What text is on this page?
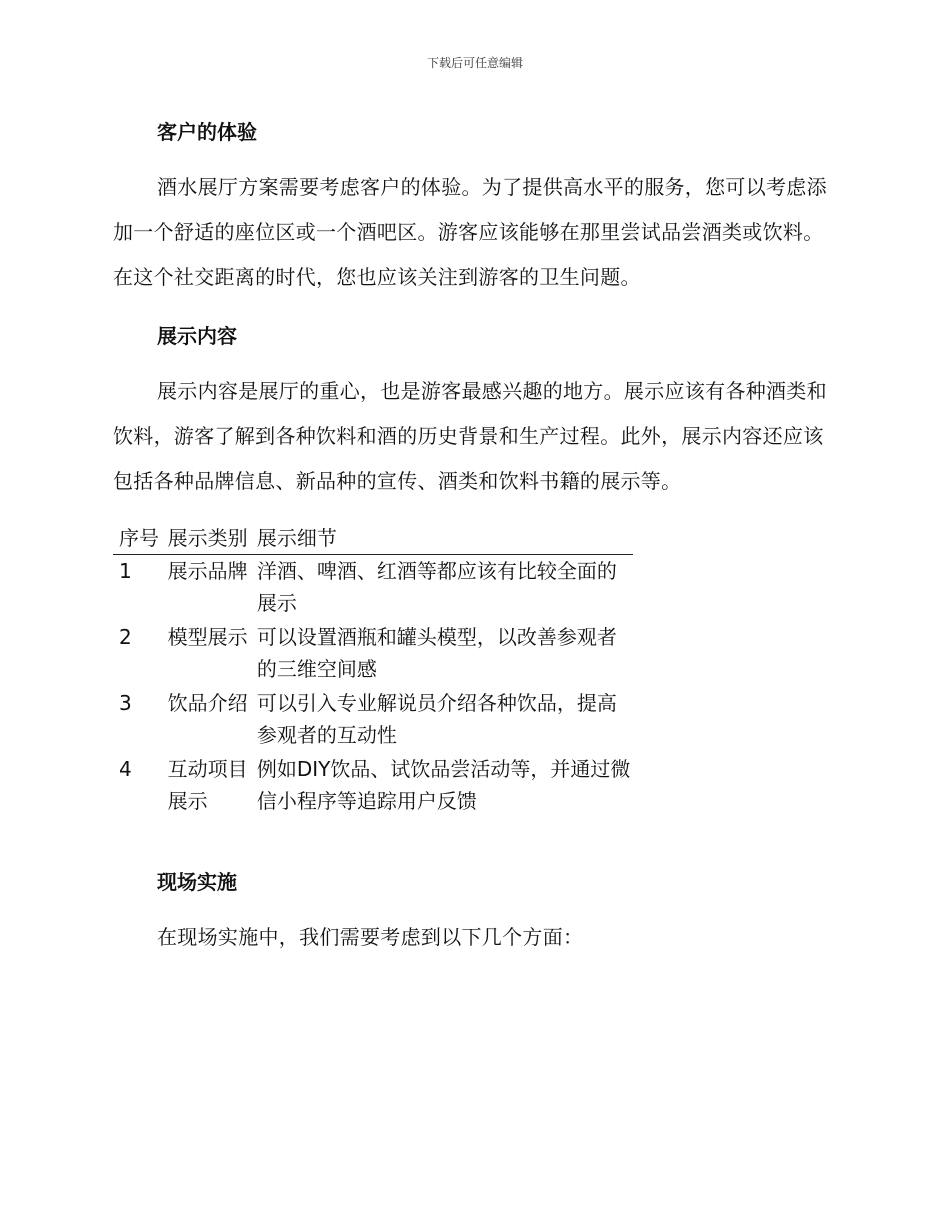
下载后可任意编辑
客户的体验
酒水展厅方案需要考虑客户的体验。为了提供高水平的服务，您可以考虑添加一个舒适的座位区或一个酒吧区。游客应该能够在那里尝试品尝酒类或饮料。在这个社交距离的时代，您也应该关注到游客的卫生问题。
展示内容
展示内容是展厅的重心，也是游客最感兴趣的地方。展示应该有各种酒类和饮料，游客了解到各种饮料和酒的历史背景和生产过程。此外，展示内容还应该包括各种品牌信息、新品种的宣传、酒类和饮料书籍的展示等。
序号	展示类别	展示细节
1	展示品牌	洋酒、啤酒、红酒等都应该有比较全面的展示
2	模型展示	可以设置酒瓶和罐头模型，以改善参观者的三维空间感
3	饮品介绍	可以引入专业解说员介绍各种饮品，提高参观者的互动性
4	互动项目展示	例如DIY饮品、试饮品尝活动等，并通过微信小程序等追踪用户反馈
现场实施
在现场实施中，我们需要考虑到以下几个方面：
